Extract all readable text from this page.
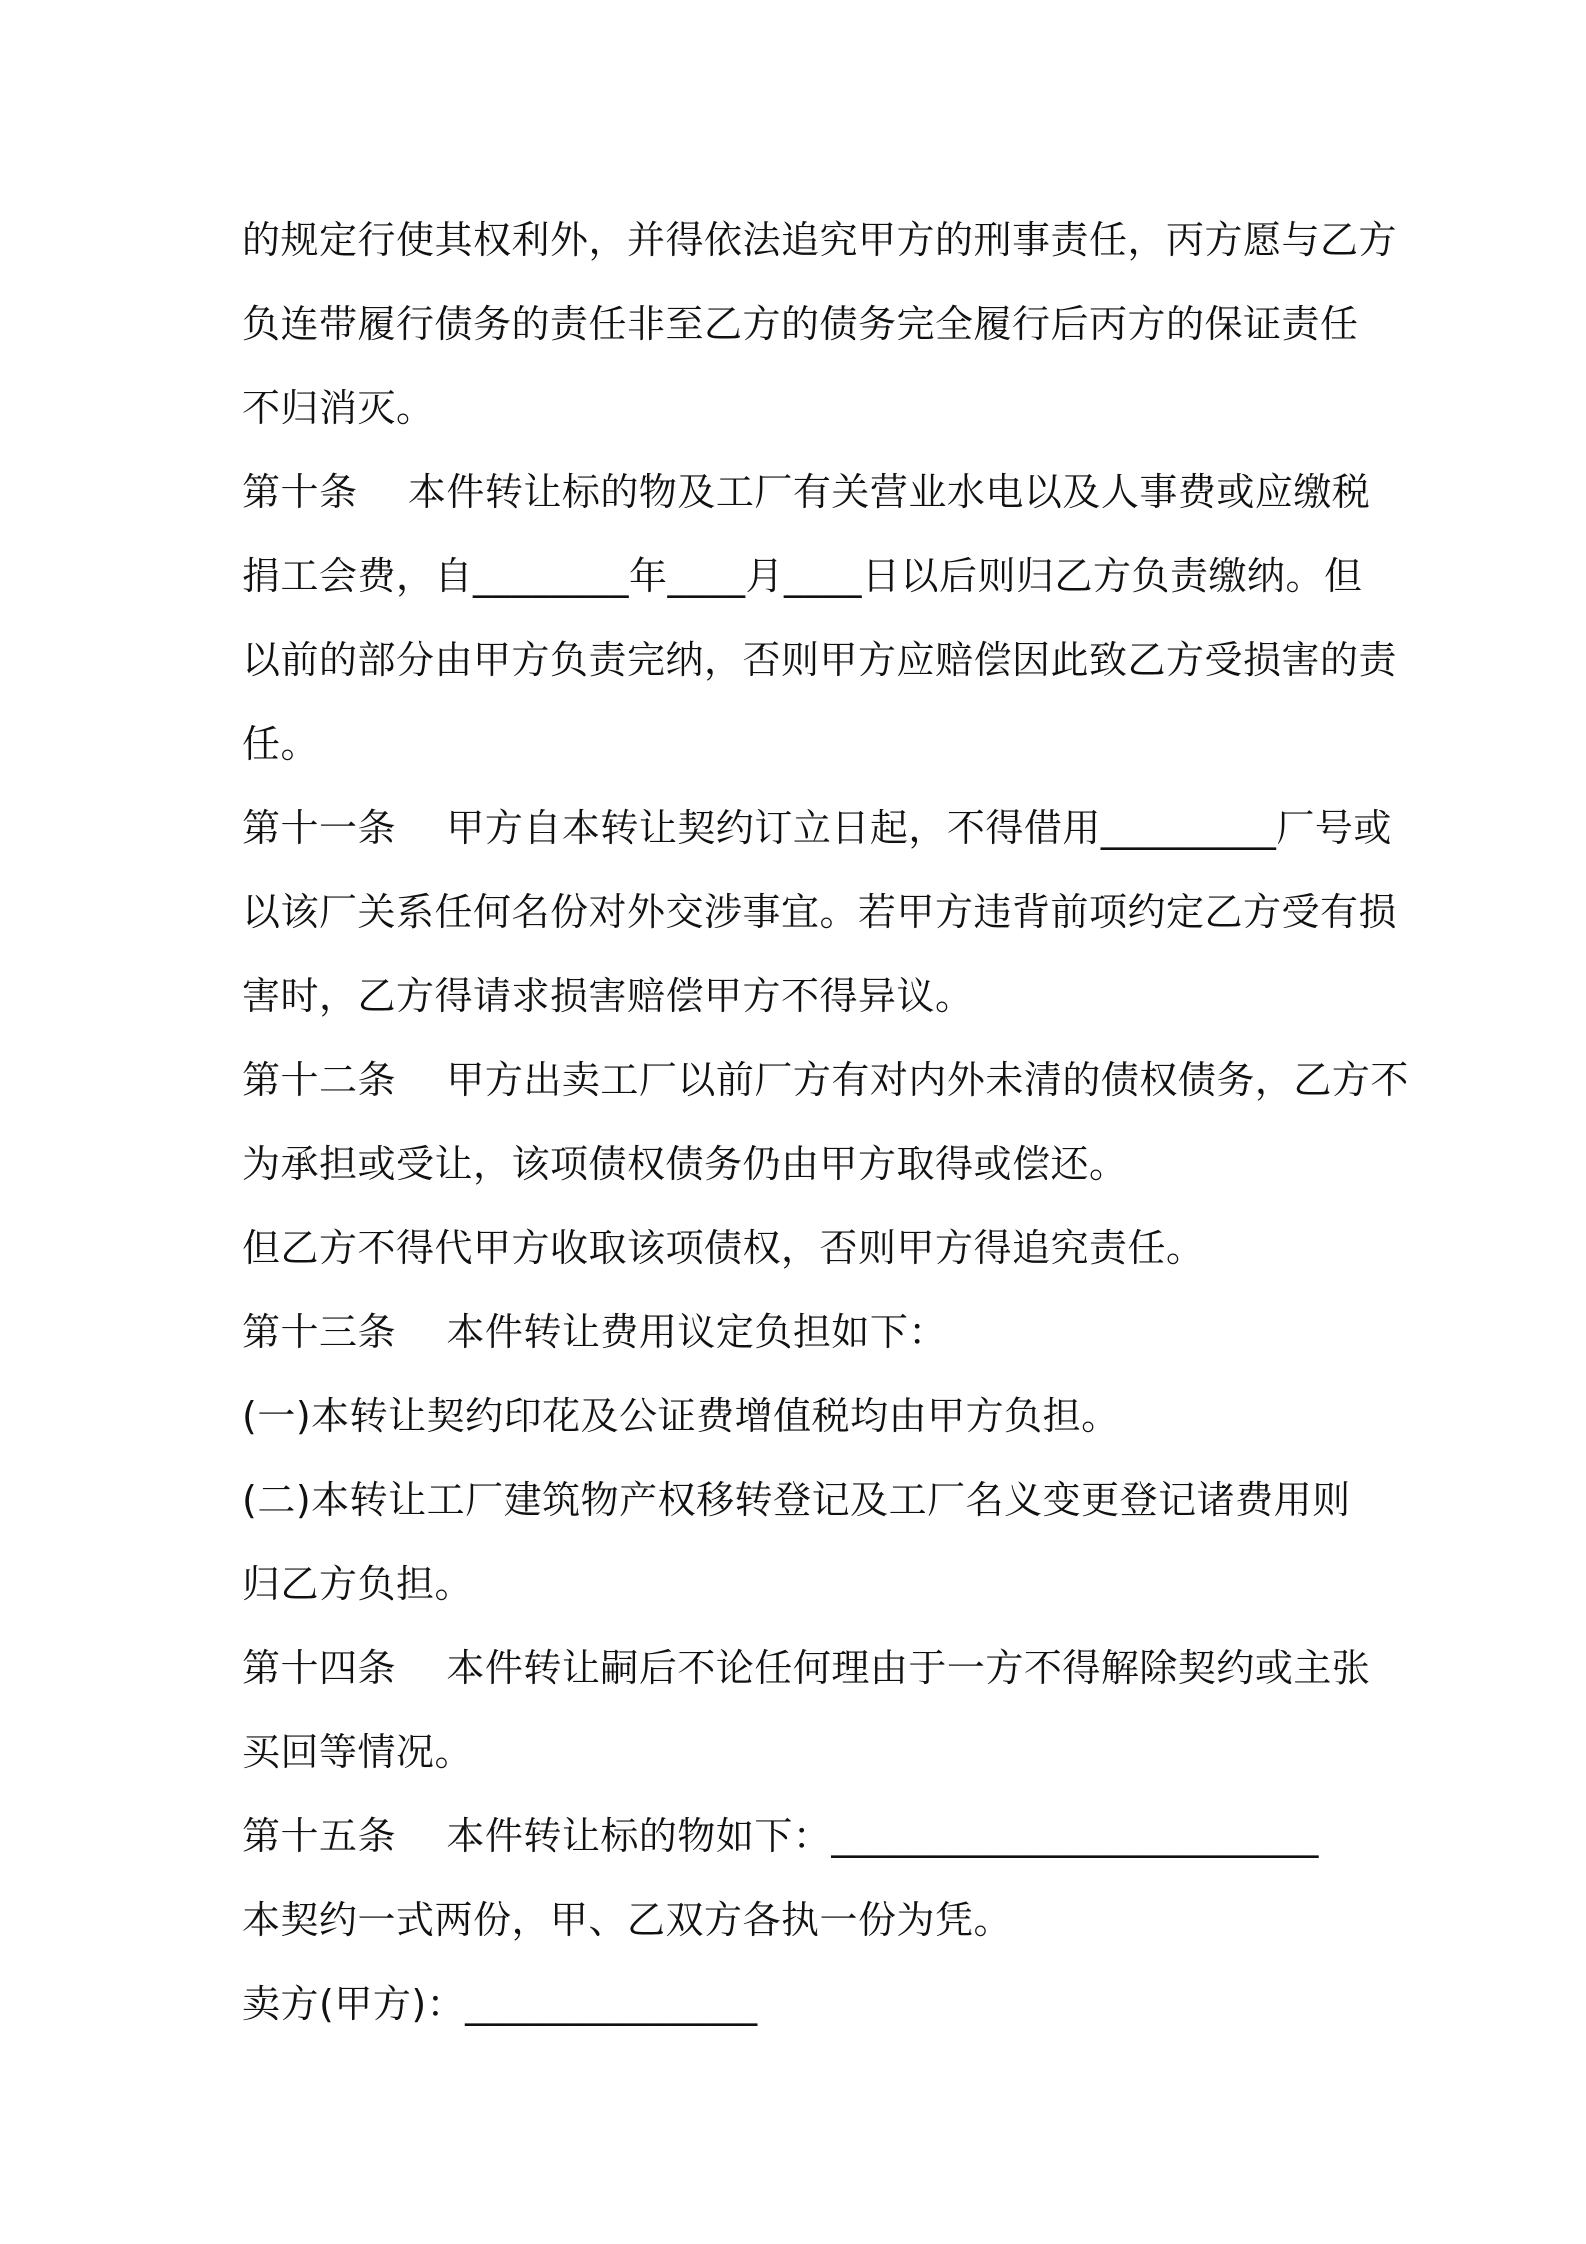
的规定行使其权利外，并得依法追究甲方的刑事责任，丙方愿与乙方
负连带履行债务的责任非至乙方的债务完全履行后丙方的保证责任
不归消灭。
第十条    本件转让标的物及工厂有关营业水电以及人事费或应缴税
捐工会费，自________年____月____日以后则归乙方负责缴纳。但
以前的部分由甲方负责完纳，否则甲方应赔偿因此致乙方受损害的责
任。
第十一条    甲方自本转让契约订立日起，不得借用_________厂号或
以该厂关系任何名份对外交涉事宜。若甲方违背前项约定乙方受有损
害时，乙方得请求损害赔偿甲方不得异议。
第十二条    甲方出卖工厂以前厂方有对内外未清的债权债务，乙方不
为承担或受让，该项债权债务仍由甲方取得或偿还。
但乙方不得代甲方收取该项债权，否则甲方得追究责任。
第十三条    本件转让费用议定负担如下：
(一)本转让契约印花及公证费增值税均由甲方负担。
(二)本转让工厂建筑物产权移转登记及工厂名义变更登记诸费用则
归乙方负担。
第十四条    本件转让嗣后不论任何理由于一方不得解除契约或主张
买回等情况。
第十五条    本件转让标的物如下：_________________________
本契约一式两份，甲、乙双方各执一份为凭。
卖方(甲方)：_______________
